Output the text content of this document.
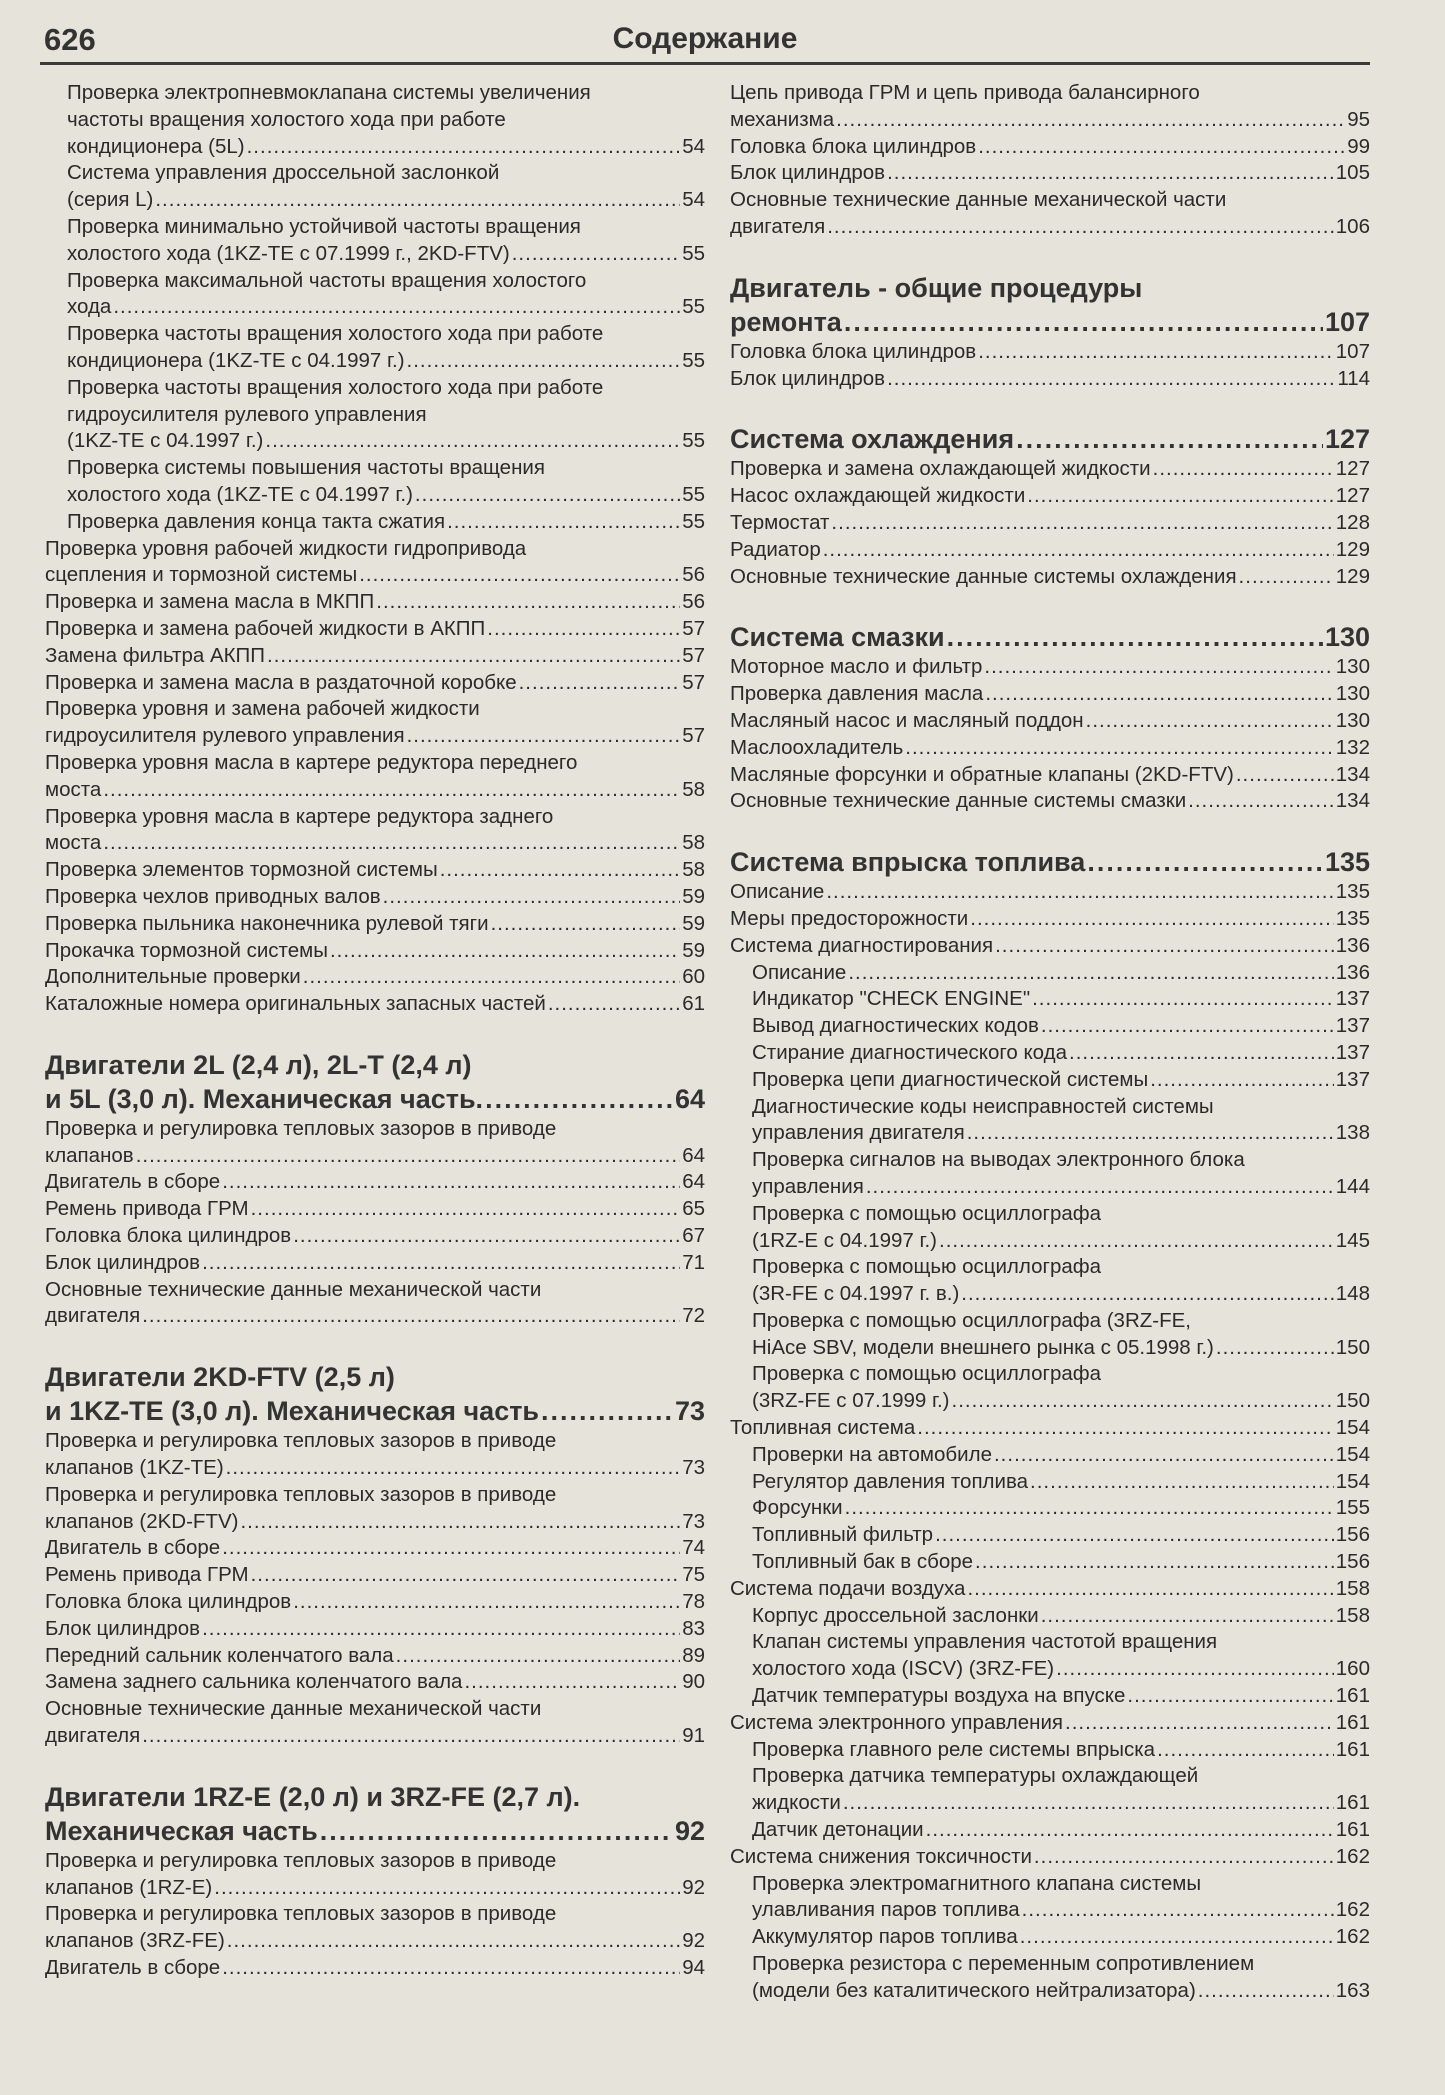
626	Содержание
Проверка электропневмоклапана системы увеличения
частоты вращения холостого хода при работе
кондиционера (5L) .....	54
Система управления дроссельной заслонкой
(серия L) .....	54
Проверка минимально устойчивой частоты вращения
холостого хода (1KZ-TE с 07.1999 г., 2KD-FTV) .....	55
Проверка максимальной частоты вращения холостого
хода .....	55
Проверка частоты вращения холостого хода при работе
кондиционера (1KZ-TE с 04.1997 г.) .....	55
Проверка частоты вращения холостого хода при работе
гидроусилителя рулевого управления
(1KZ-TE с 04.1997 г.) .....	55
Проверка системы повышения частоты вращения
холостого хода (1KZ-TE с 04.1997 г.) .....	55
Проверка давления конца такта сжатия .....	55
Проверка уровня рабочей жидкости гидропривода
сцепления и тормозной системы .....	56
Проверка и замена масла в МКПП .....	56
Проверка и замена рабочей жидкости в АКПП .....	57
Замена фильтра АКПП .....	57
Проверка и замена масла в раздаточной коробке .....	57
Проверка уровня и замена рабочей жидкости
гидроусилителя рулевого управления .....	57
Проверка уровня масла в картере редуктора переднего
моста .....	58
Проверка уровня масла в картере редуктора заднего
моста .....	58
Проверка элементов тормозной системы .....	58
Проверка чехлов приводных валов .....	59
Проверка пыльника наконечника рулевой тяги .....	59
Прокачка тормозной системы .....	59
Дополнительные проверки .....	60
Каталожные номера оригинальных запасных частей .....	61
Двигатели 2L (2,4 л), 2L-T (2,4 л)
и 5L (3,0 л). Механическая часть. .....	64
Проверка и регулировка тепловых зазоров в приводе
клапанов .....	64
Двигатель в сборе .....	64
Ремень привода ГРМ .....	65
Головка блока цилиндров .....	67
Блок цилиндров .....	71
Основные технические данные механической части
двигателя .....	72
Двигатели 2KD-FTV (2,5 л)
и 1KZ-TE (3,0 л). Механическая часть .....	73
Проверка и регулировка тепловых зазоров в приводе
клапанов (1KZ-TE) .....	73
Проверка и регулировка тепловых зазоров в приводе
клапанов (2KD-FTV) .....	73
Двигатель в сборе .....	74
Ремень привода ГРМ .....	75
Головка блока цилиндров .....	78
Блок цилиндров .....	83
Передний сальник коленчатого вала .....	89
Замена заднего сальника коленчатого вала .....	90
Основные технические данные механической части
двигателя .....	91
Двигатели 1RZ-E (2,0 л) и 3RZ-FE (2,7 л).
Механическая часть .....	92
Проверка и регулировка тепловых зазоров в приводе
клапанов (1RZ-E) .....	92
Проверка и регулировка тепловых зазоров в приводе
клапанов (3RZ-FE) .....	92
Двигатель в сборе .....	94
Цепь привода ГРМ и цепь привода балансирного
механизма .....	95
Головка блока цилиндров .....	99
Блок цилиндров .....	105
Основные технические данные механической части
двигателя .....	106
Двигатель - общие процедуры
ремонта .....	107
Головка блока цилиндров .....	107
Блок цилиндров .....	114
Система охлаждения .....	127
Проверка и замена охлаждающей жидкости .....	127
Насос охлаждающей жидкости .....	127
Термостат .....	128
Радиатор .....	129
Основные технические данные системы охлаждения .....	129
Система смазки .....	130
Моторное масло и фильтр .....	130
Проверка давления масла .....	130
Масляный насос и масляный поддон .....	130
Маслоохладитель .....	132
Масляные форсунки и обратные клапаны (2KD-FTV) .....	134
Основные технические данные системы смазки .....	134
Система впрыска топлива .....	135
Описание .....	135
Меры предосторожности .....	135
Система диагностирования .....	136
Описание .....	136
Индикатор "CHECK ENGINE" .....	137
Вывод диагностических кодов .....	137
Стирание диагностического кода .....	137
Проверка цепи диагностической системы .....	137
Диагностические коды неисправностей системы
управления двигателя .....	138
Проверка сигналов на выводах электронного блока
управления .....	144
Проверка с помощью осциллографа
(1RZ-E с 04.1997 г.) .....	145
Проверка с помощью осциллографа
(3R-FE с 04.1997 г. в.) .....	148
Проверка с помощью осциллографа (3RZ-FE,
HiAce SBV, модели внешнего рынка с 05.1998 г.) .....	150
Проверка с помощью осциллографа
(3RZ-FE с 07.1999 г.) .....	150
Топливная система .....	154
Проверки на автомобиле .....	154
Регулятор давления топлива .....	154
Форсунки .....	155
Топливный фильтр .....	156
Топливный бак в сборе .....	156
Система подачи воздуха .....	158
Корпус дроссельной заслонки .....	158
Клапан системы управления частотой вращения
холостого хода (ISCV) (3RZ-FE) .....	160
Датчик температуры воздуха на впуске .....	161
Система электронного управления .....	161
Проверка главного реле системы впрыска .....	161
Проверка датчика температуры охлаждающей
жидкости .....	161
Датчик детонации .....	161
Система снижения токсичности .....	162
Проверка электромагнитного клапана системы
улавливания паров топлива .....	162
Аккумулятор паров топлива .....	162
Проверка резистора с переменным сопротивлением
(модели без каталитического нейтрализатора) .....	163
